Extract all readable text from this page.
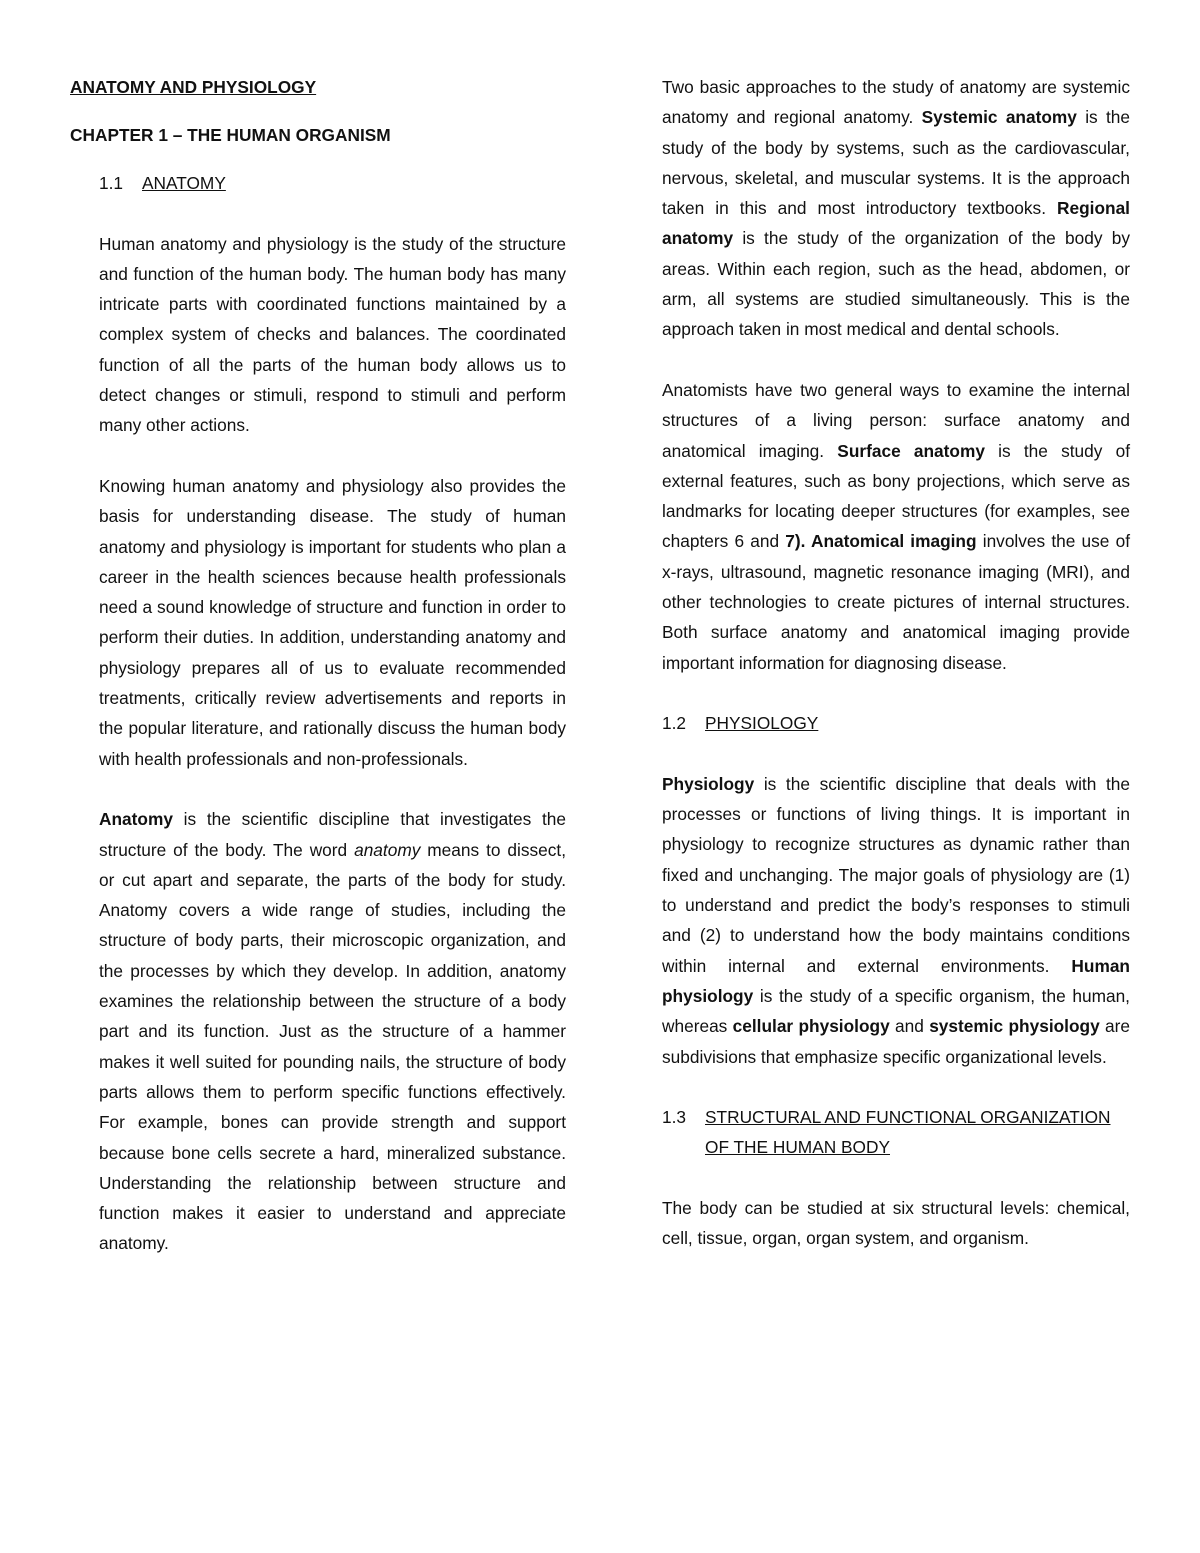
ANATOMY AND PHYSIOLOGY

CHAPTER 1 – THE HUMAN ORGANISM

1.1	ANATOMY

Human anatomy and physiology is the study of the structure and function of the human body. The human body has many intricate parts with coordinated functions maintained by a complex system of checks and balances. The coordinated function of all the parts of the human body allows us to detect changes or stimuli, respond to stimuli and perform many other actions.

Knowing human anatomy and physiology also provides the basis for understanding disease. The study of human anatomy and physiology is important for students who plan a career in the health sciences because health professionals need a sound knowledge of structure and function in order to perform their duties. In addition, understanding anatomy and physiology prepares all of us to evaluate recommended treatments, critically review advertisements and reports in the popular literature, and rationally discuss the human body with health professionals and non-professionals.

Anatomy is the scientific discipline that investigates the structure of the body. The word anatomy means to dissect, or cut apart and separate, the parts of the body for study. Anatomy covers a wide range of studies, including the structure of body parts, their microscopic organization, and the processes by which they develop. In addition, anatomy examines the relationship between the structure of a body part and its function. Just as the structure of a hammer makes it well suited for pounding nails, the structure of body parts allows them to perform specific functions effectively. For example, bones can provide strength and support because bone cells secrete a hard, mineralized substance. Understanding the relationship between structure and function makes it easier to understand and appreciate anatomy.

Two basic approaches to the study of anatomy are systemic anatomy and regional anatomy. Systemic anatomy is the study of the body by systems, such as the cardiovascular, nervous, skeletal, and muscular systems. It is the approach taken in this and most introductory textbooks. Regional anatomy is the study of the organization of the body by areas. Within each region, such as the head, abdomen, or arm, all systems are studied simultaneously. This is the approach taken in most medical and dental schools.

Anatomists have two general ways to examine the internal structures of a living person: surface anatomy and anatomical imaging. Surface anatomy is the study of external features, such as bony projections, which serve as landmarks for locating deeper structures (for examples, see chapters 6 and 7). Anatomical imaging involves the use of x-rays, ultrasound, magnetic resonance imaging (MRI), and other technologies to create pictures of internal structures. Both surface anatomy and anatomical imaging provide important information for diagnosing disease.

1.2	PHYSIOLOGY

Physiology is the scientific discipline that deals with the processes or functions of living things. It is important in physiology to recognize structures as dynamic rather than fixed and unchanging. The major goals of physiology are (1) to understand and predict the body’s responses to stimuli and (2) to understand how the body maintains conditions within internal and external environments. Human physiology is the study of a specific organism, the human, whereas cellular physiology and systemic physiology are subdivisions that emphasize specific organizational levels.

1.3	STRUCTURAL AND FUNCTIONAL ORGANIZATION OF THE HUMAN BODY

The body can be studied at six structural levels: chemical, cell, tissue, organ, organ system, and organism.
